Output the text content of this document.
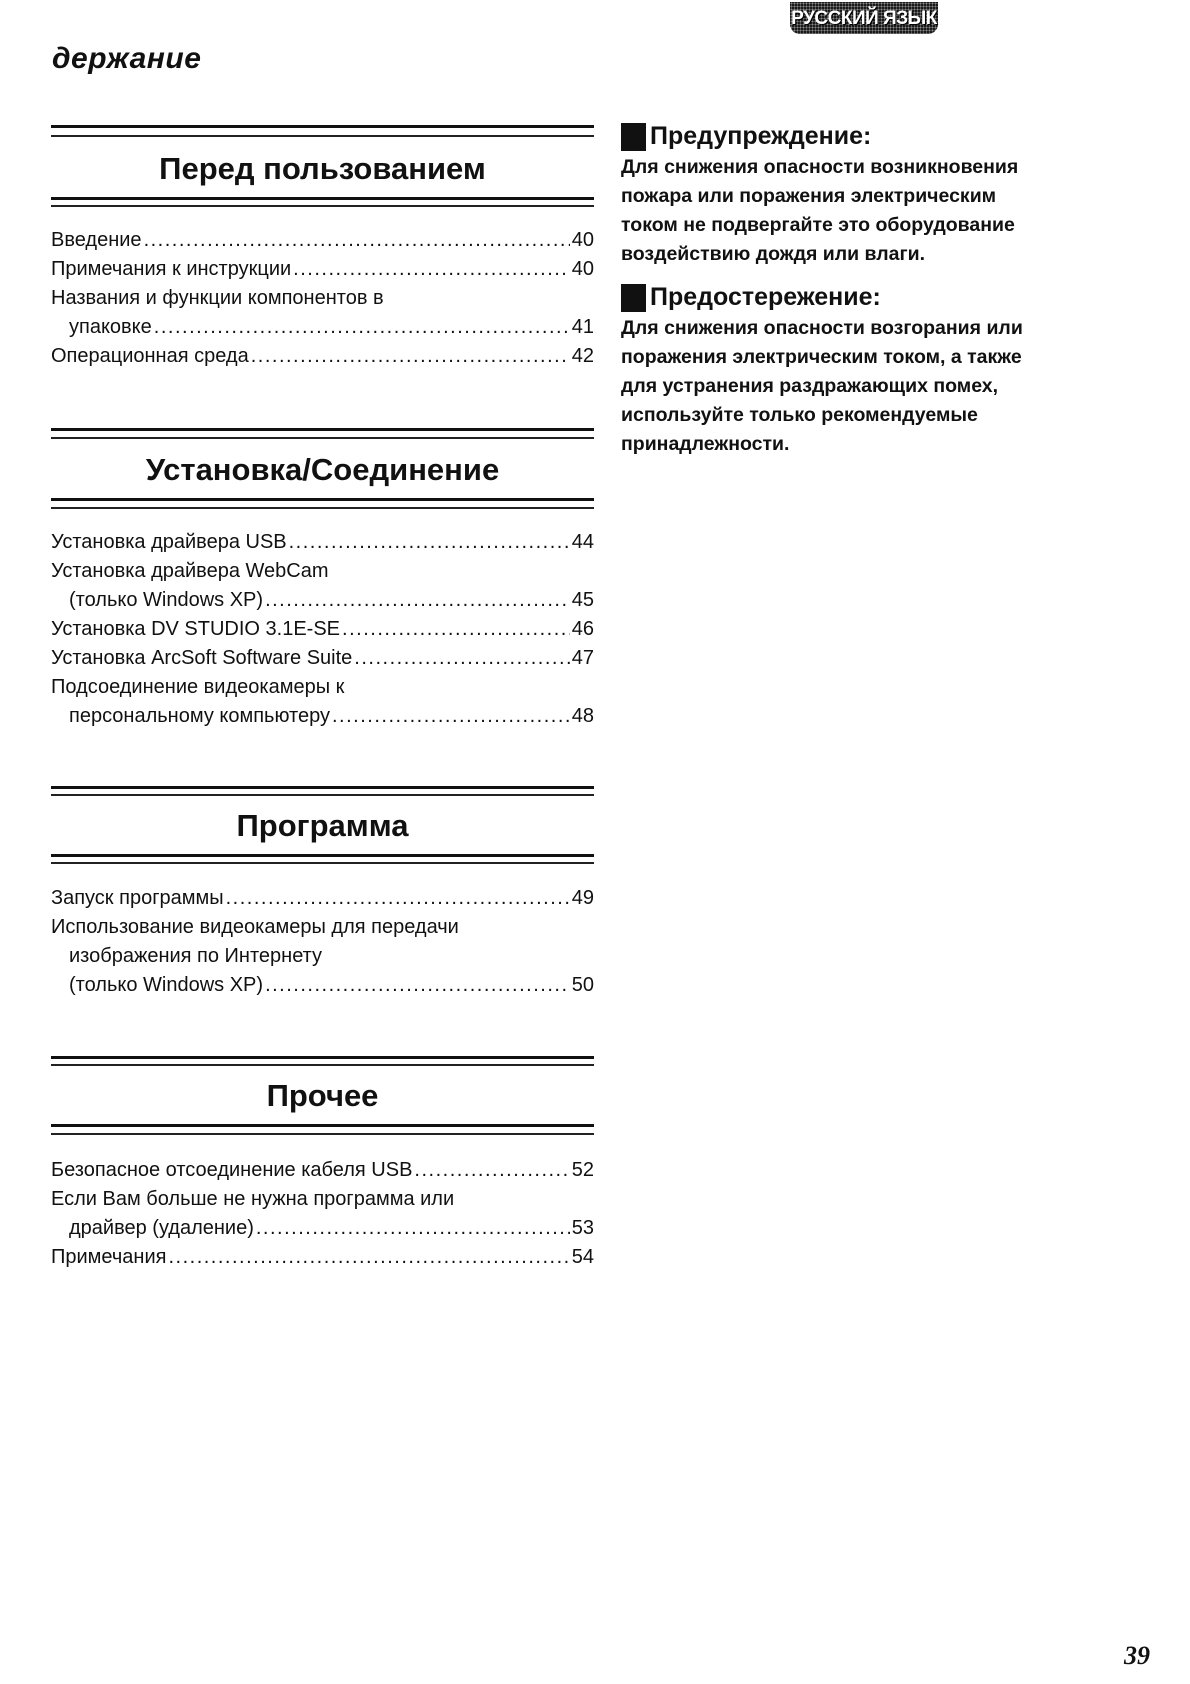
держание
РУССКИЙ ЯЗЫК
Перед пользованием
Введение .....	40
Примечания к инструкции .....	40
Названия и функции компонентов в
упаковке .....	41
Операционная среда .....	42
Установка/Соединение
Установка драйвера USB .....	44
Установка драйвера WebCam
(только Windows XP) .....	45
Установка DV STUDIO 3.1E-SE .....	46
Установка ArcSoft Software Suite .....	47
Подсоединение видеокамеры к
персональному компьютеру .....	48
Программа
Запуск программы .....	49
Использование видеокамеры для передачи
изображения по Интернету
(только Windows XP) .....	50
Прочее
Безопасное отсоединение кабеля USB .....	52
Если Вам больше не нужна программа или
драйвер (удаление) .....	53
Примечания .....	54
Предупреждение:
Для снижения опасности возникновения
пожара или поражения электрическим
током не подвергайте это оборудование
воздействию дождя или влаги.
Предостережение:
Для снижения опасности возгорания или
поражения электрическим током, а также
для устранения раздражающих помех,
используйте только рекомендуемые
принадлежности.
39
